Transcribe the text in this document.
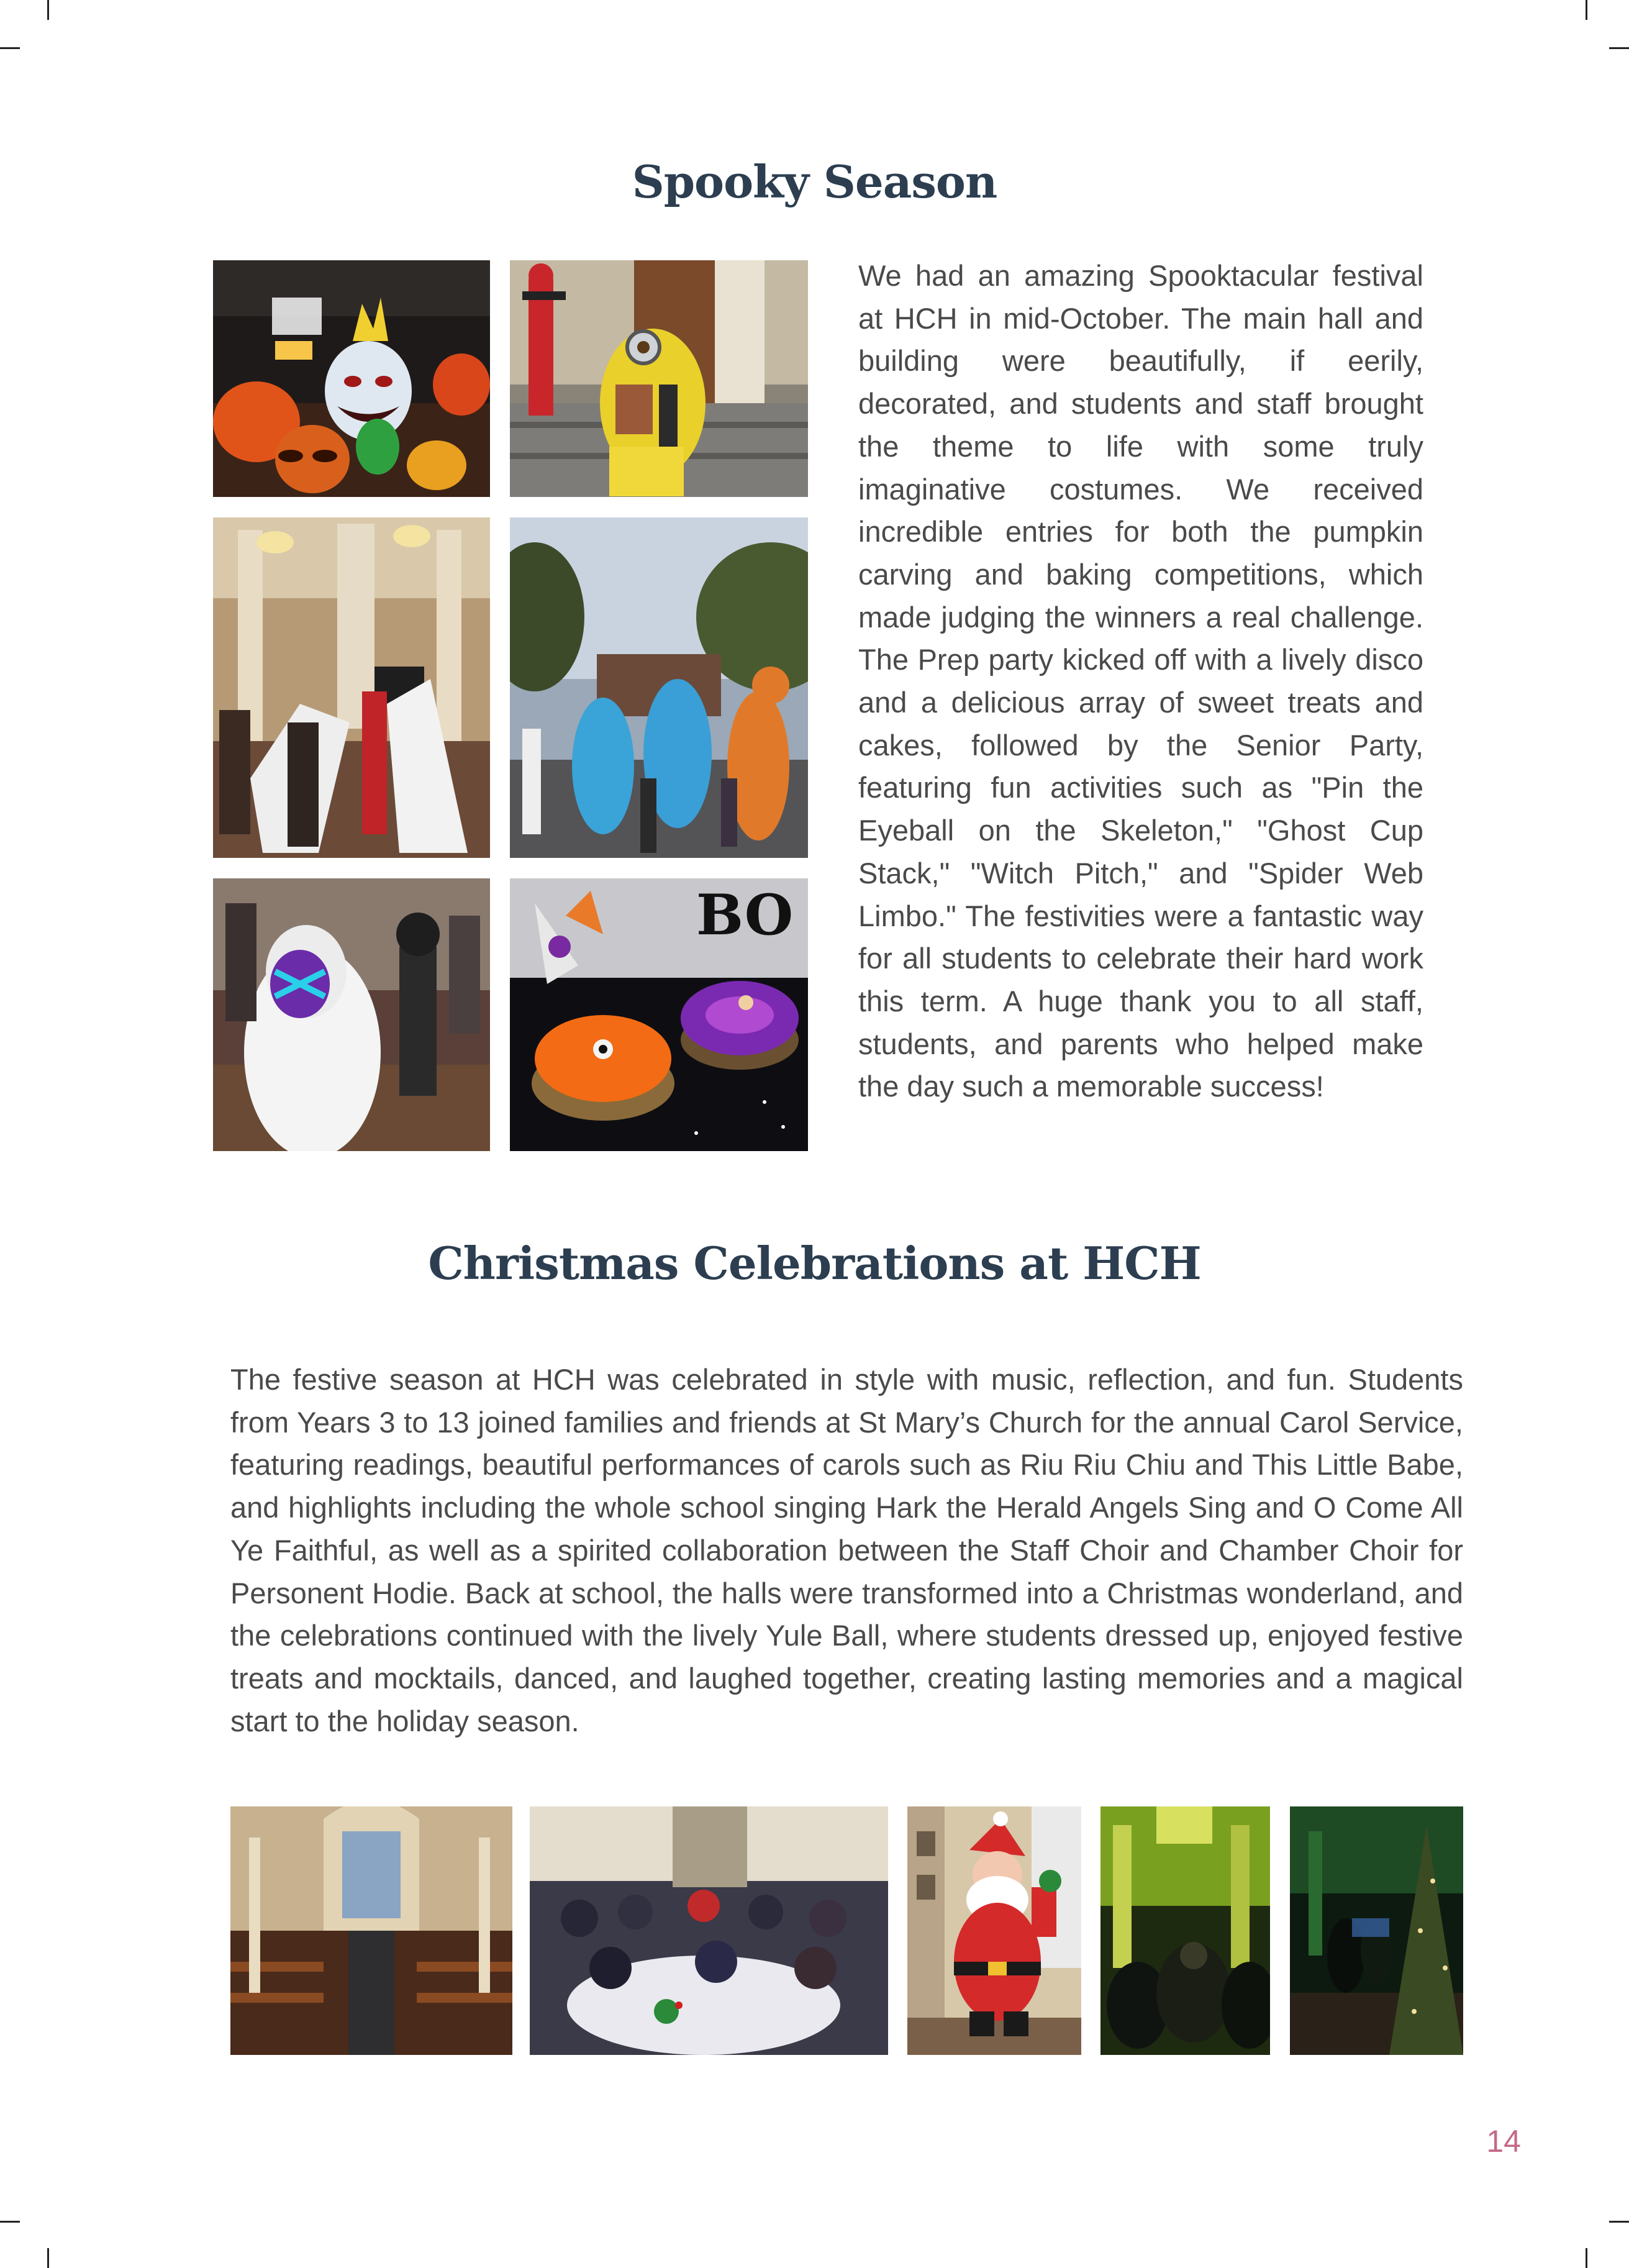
Spooky Season
BO

We had an amazing Spooktacular festival at HCH in mid-October. The main hall and building were beautifully, if eerily, decorated, and students and staff brought the theme to life with some truly imaginative costumes. We received incredible entries for both the pumpkin carving and baking competitions, which made judging the winners a real challenge. The Prep party kicked off with a lively disco and a delicious array of sweet treats and cakes, followed by the Senior Party, featuring fun activities such as "Pin the Eyeball on the Skeleton," "Ghost Cup Stack," "Witch Pitch," and "Spider Web Limbo." The festivities were a fantastic way for all students to celebrate their hard work this term. A huge thank you to all staff, students, and parents who helped make the day such a memorable success!

Christmas Celebrations at HCH

The festive season at HCH was celebrated in style with music, reflection, and fun. Students from Years 3 to 13 joined families and friends at St Mary’s Church for the annual Carol Service, featuring readings, beautiful performances of carols such as Riu Riu Chiu and This Little Babe, and highlights including the whole school singing Hark the Herald Angels Sing and O Come All Ye Faithful, as well as a spirited collaboration between the Staff Choir and Chamber Choir for Personent Hodie. Back at school, the halls were transformed into a Christmas wonderland, and the celebrations continued with the lively Yule Ball, where students dressed up, enjoyed festive treats and mocktails, danced, and laughed together, creating lasting memories and a magical start to the holiday season.

14
